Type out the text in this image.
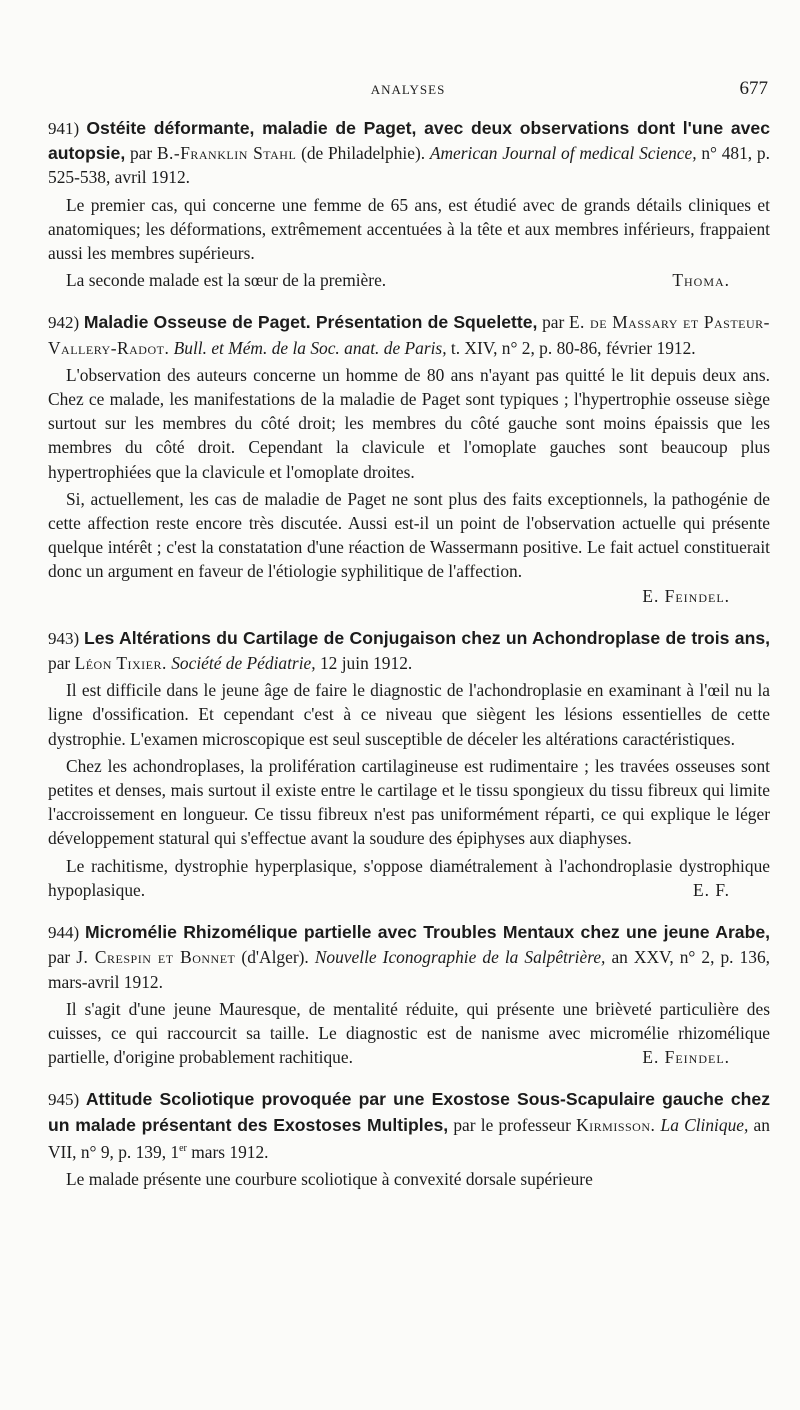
ANALYSES	677

941) Ostéite déformante, maladie de Paget, avec deux observations dont l'une avec autopsie, par B.-Franklin Stahl (de Philadelphie). American Journal of medical Science, n° 481, p. 525-538, avril 1912.

Le premier cas, qui concerne une femme de 65 ans, est étudié avec de grands détails cliniques et anatomiques; les déformations, extrêmement accentuées à la tête et aux membres inférieurs, frappaient aussi les membres supérieurs.

La seconde malade est la sœur de la première.	Thoma.

942) Maladie Osseuse de Paget. Présentation de Squelette, par E. de Massary et Pasteur-Vallery-Radot. Bull. et Mém. de la Soc. anat. de Paris, t. XIV, n° 2, p. 80-86, février 1912.

L'observation des auteurs concerne un homme de 80 ans n'ayant pas quitté le lit depuis deux ans. Chez ce malade, les manifestations de la maladie de Paget sont typiques ; l'hypertrophie osseuse siège surtout sur les membres du côté droit; les membres du côté gauche sont moins épaissis que les membres du côté droit. Cependant la clavicule et l'omoplate gauches sont beaucoup plus hypertrophiées que la clavicule et l'omoplate droites.

Si, actuellement, les cas de maladie de Paget ne sont plus des faits exceptionnels, la pathogénie de cette affection reste encore très discutée. Aussi est-il un point de l'observation actuelle qui présente quelque intérêt ; c'est la constatation d'une réaction de Wassermann positive. Le fait actuel constituerait donc un argument en faveur de l'étiologie syphilitique de l'affection.

E. Feindel.

943) Les Altérations du Cartilage de Conjugaison chez un Achondroplase de trois ans, par Léon Tixier. Société de Pédiatrie, 12 juin 1912.

Il est difficile dans le jeune âge de faire le diagnostic de l'achondroplasie en examinant à l'œil nu la ligne d'ossification. Et cependant c'est à ce niveau que siègent les lésions essentielles de cette dystrophie. L'examen microscopique est seul susceptible de déceler les altérations caractéristiques.

Chez les achondroplases, la prolifération cartilagineuse est rudimentaire ; les travées osseuses sont petites et denses, mais surtout il existe entre le cartilage et le tissu spongieux du tissu fibreux qui limite l'accroissement en longueur. Ce tissu fibreux n'est pas uniformément réparti, ce qui explique le léger développement statural qui s'effectue avant la soudure des épiphyses aux diaphyses.

Le rachitisme, dystrophie hyperplasique, s'oppose diamétralement à l'achondroplasie dystrophique hypoplasique.	E. F.

944) Micromélie Rhizomélique partielle avec Troubles Mentaux chez une jeune Arabe, par J. Crespin et Bonnet (d'Alger). Nouvelle Iconographie de la Salpêtrière, an XXV, n° 2, p. 136, mars-avril 1912.

Il s'agit d'une jeune Mauresque, de mentalité réduite, qui présente une brièveté particulière des cuisses, ce qui raccourcit sa taille. Le diagnostic est de nanisme avec micromélie rhizomélique partielle, d'origine probablement rachitique.	E. Feindel.

945) Attitude Scoliotique provoquée par une Exostose Sous-Scapulaire gauche chez un malade présentant des Exostoses Multiples, par le professeur Kirmisson. La Clinique, an VII, n° 9, p. 139, 1er mars 1912.

Le malade présente une courbure scoliotique à convexité dorsale supérieure
